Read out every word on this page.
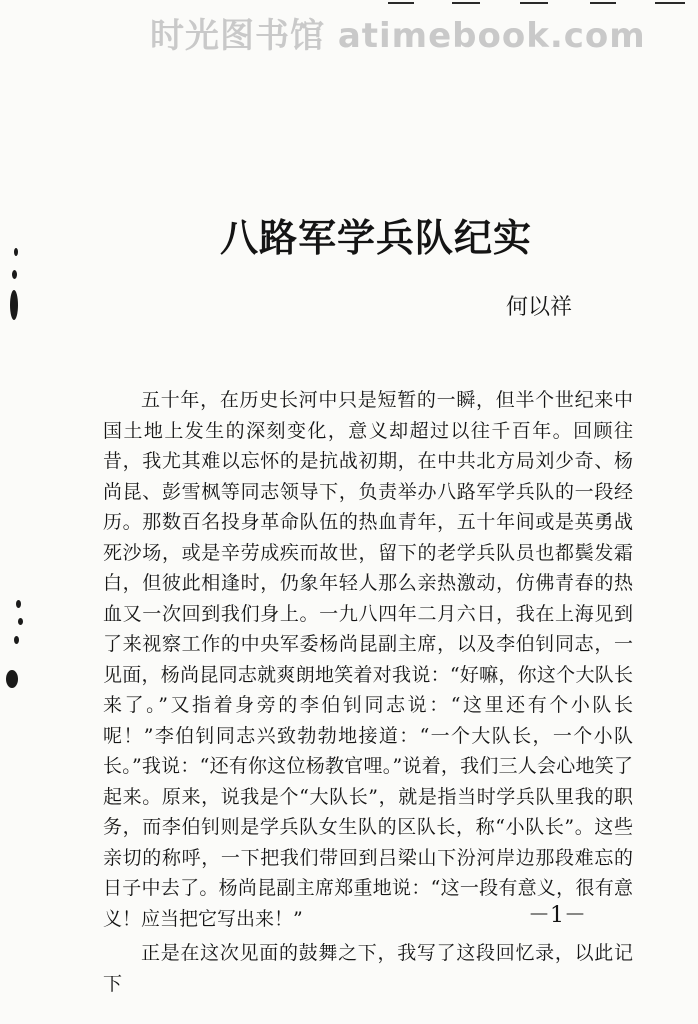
时光图书馆 atimebook.com
八路军学兵队纪实
何以祥

五十年，在历史长河中只是短暂的一瞬，但半个世纪来中国土地上发生的深刻变化，意义却超过以往千百年。回顾往昔，我尤其难以忘怀的是抗战初期，在中共北方局刘少奇、杨尚昆、彭雪枫等同志领导下，负责举办八路军学兵队的一段经历。那数百名投身革命队伍的热血青年，五十年间或是英勇战死沙场，或是辛劳成疾而故世，留下的老学兵队员也都鬓发霜白，但彼此相逢时，仍象年轻人那么亲热激动，仿佛青春的热血又一次回到我们身上。一九八四年二月六日，我在上海见到了来视察工作的中央军委杨尚昆副主席，以及李伯钊同志，一见面，杨尚昆同志就爽朗地笑着对我说：“好嘛，你这个大队长来了。”又指着身旁的李伯钊同志说：“这里还有个小队长呢！”李伯钊同志兴致勃勃地接道：“一个大队长，一个小队长。”我说：“还有你这位杨教官哩。”说着，我们三人会心地笑了起来。原来，说我是个“大队长”，就是指当时学兵队里我的职务，而李伯钊则是学兵队女生队的区队长，称“小队长”。这些亲切的称呼，一下把我们带回到吕梁山下汾河岸边那段难忘的日子中去了。杨尚昆副主席郑重地说：“这一段有意义，很有意义！应当把它写出来！”

正是在这次见面的鼓舞之下，我写了这段回忆录，以此记下

－1－
